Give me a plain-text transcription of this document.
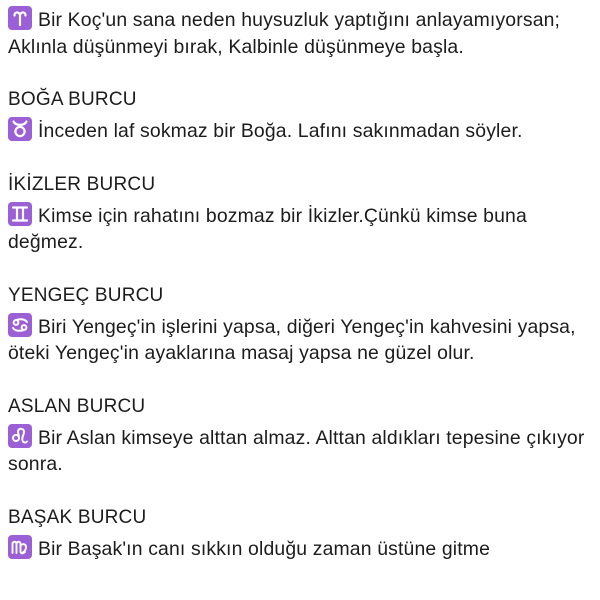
Bir Koç'un sana neden huysuzluk yaptığını anlayamıyorsan; Aklınla düşünmeyi bırak, Kalbinle düşünmeye başla.
BOĞA BURCU
İnceden laf sokmaz bir Boğa. Lafını sakınmadan söyler.
İKİZLER BURCU
Kimse için rahatını bozmaz bir İkizler.Çünkü kimse buna değmez.
YENGEÇ BURCU
Biri Yengeç'in işlerini yapsa, diğeri Yengeç'in kahvesini yapsa, öteki Yengeç'in ayaklarına masaj yapsa ne güzel olur.
ASLAN BURCU
Bir Aslan kimseye alttan almaz. Alttan aldıkları tepesine çıkıyor sonra.
BAŞAK BURCU
Bir Başak'ın canı sıkkın olduğu zaman üstüne gitme
